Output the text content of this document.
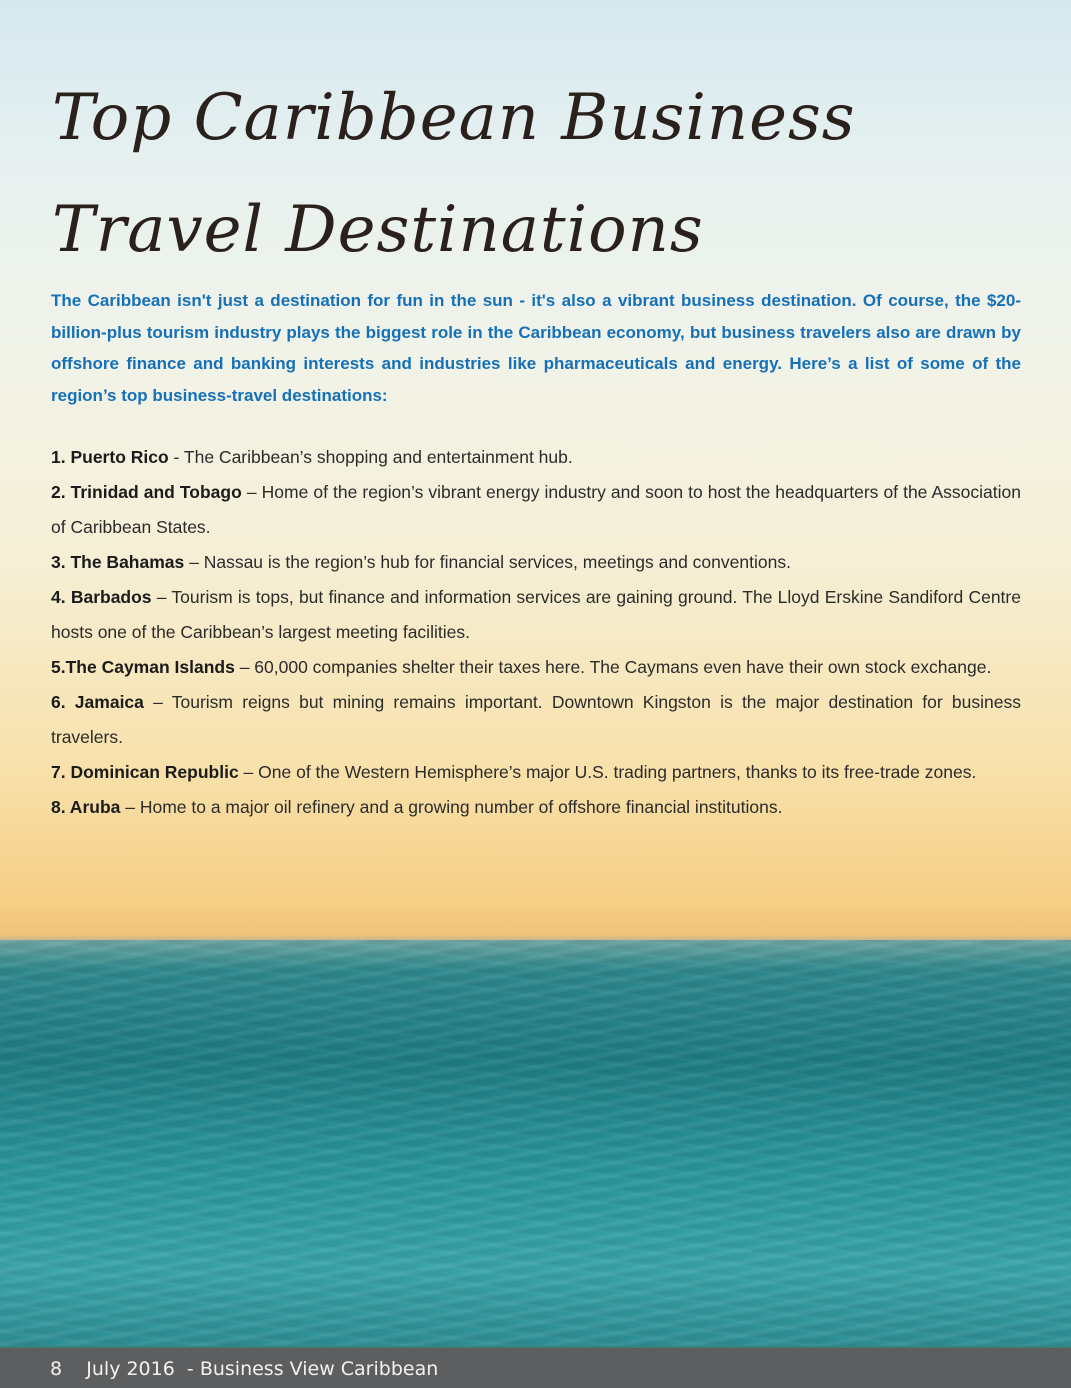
Top Caribbean Business
Travel Destinations

The Caribbean isn't just a destination for fun in the sun - it's also a vibrant business destination. Of course, the $20-billion-plus tourism industry plays the biggest role in the Caribbean economy, but business travelers also are drawn by offshore finance and banking interests and industries like pharmaceuticals and energy. Here’s a list of some of the region’s top business-travel destinations:

1. Puerto Rico - The Caribbean’s shopping and entertainment hub.
2. Trinidad and Tobago – Home of the region’s vibrant energy industry and soon to host the headquarters of the Association of Caribbean States.
3. The Bahamas – Nassau is the region’s hub for financial services, meetings and conventions.
4. Barbados – Tourism is tops, but finance and information services are gaining ground. The Lloyd Erskine Sandiford Centre hosts one of the Caribbean’s largest meeting facilities.
5.The Cayman Islands – 60,000 companies shelter their taxes here. The Caymans even have their own stock exchange.
6. Jamaica – Tourism reigns but mining remains important. Downtown Kingston is the major destination for business travelers.
7. Dominican Republic – One of the Western Hemisphere’s major U.S. trading partners, thanks to its free-trade zones.
8. Aruba – Home to a major oil refinery and a growing number of offshore financial institutions.
8 July 2016 - Business View Caribbean
